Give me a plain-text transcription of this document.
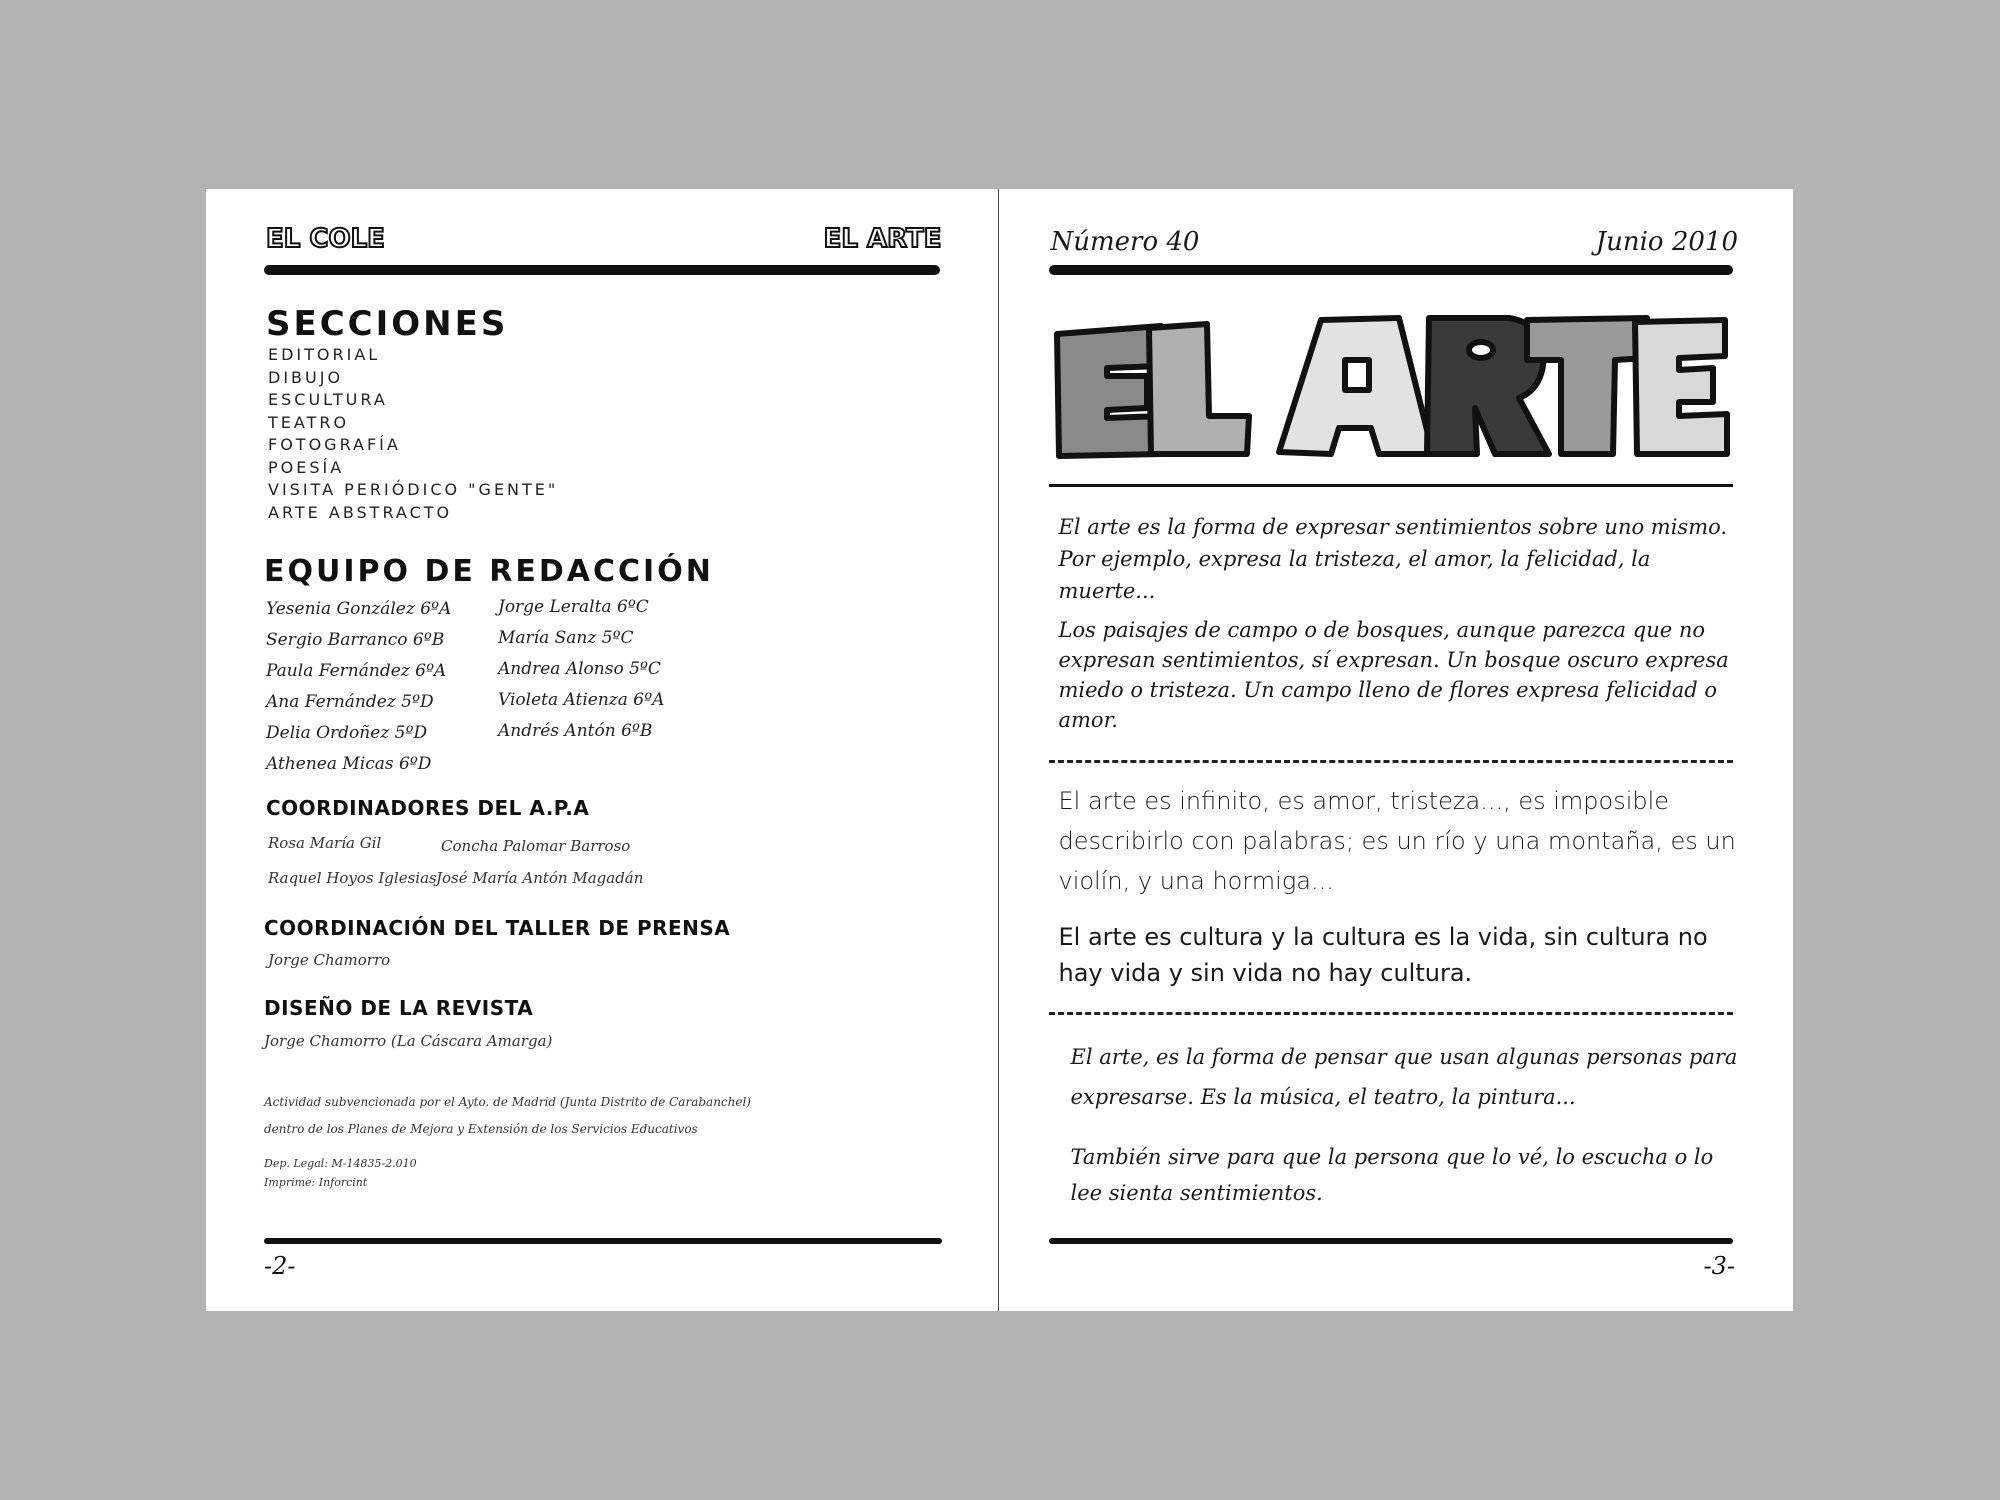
EL COLE	EL ARTE
SECCIONES
EDITORIAL
DIBUJO
ESCULTURA
TEATRO
FOTOGRAFÍA
POESÍA
VISITA PERIÓDICO "GENTE"
ARTE ABSTRACTO
EQUIPO DE REDACCIÓN
Yesenia González 6ºA
Sergio Barranco 6ºB
Paula Fernández 6ºA
Ana Fernández 5ºD
Delia Ordoñez 5ºD
Athenea Micas 6ºD
Jorge Leralta 6ºC
María Sanz 5ºC
Andrea Alonso 5ºC
Violeta Atienza 6ºA
Andrés Antón 6ºB
COORDINADORES DEL A.P.A
Rosa María Gil	Concha Palomar Barroso
Raquel Hoyos Iglesias José María Antón Magadán
COORDINACIÓN DEL TALLER DE PRENSA
Jorge Chamorro
DISEÑO DE LA REVISTA
Jorge Chamorro (La Cáscara Amarga)
Actividad subvencionada por el Ayto. de Madrid (Junta Distrito de Carabanchel)
dentro de los Planes de Mejora y Extensión de los Servicios Educativos
Dep. Legal: M-14835-2.010
Imprime: Inforcint
-2-
Número 40	Junio 2010
El arte es la forma de expresar sentimientos sobre uno mismo. Por ejemplo, expresa la tristeza, el amor, la felicidad, la muerte...
Los paisajes de campo o de bosques, aunque parezca que no expresan sentimientos, sí expresan. Un bosque oscuro expresa miedo o tristeza. Un campo lleno de flores expresa felicidad o amor.
El arte es infinito, es amor, tristeza..., es imposible describirlo con palabras; es un río y una montaña, es un violín, y una hormiga...
El arte es cultura y la cultura es la vida, sin cultura no hay vida y sin vida no hay cultura.
El arte, es la forma de pensar que usan algunas personas para expresarse. Es la música, el teatro, la pintura...
También sirve para que la persona que lo vé, lo escucha o lo lee sienta sentimientos.
-3-
